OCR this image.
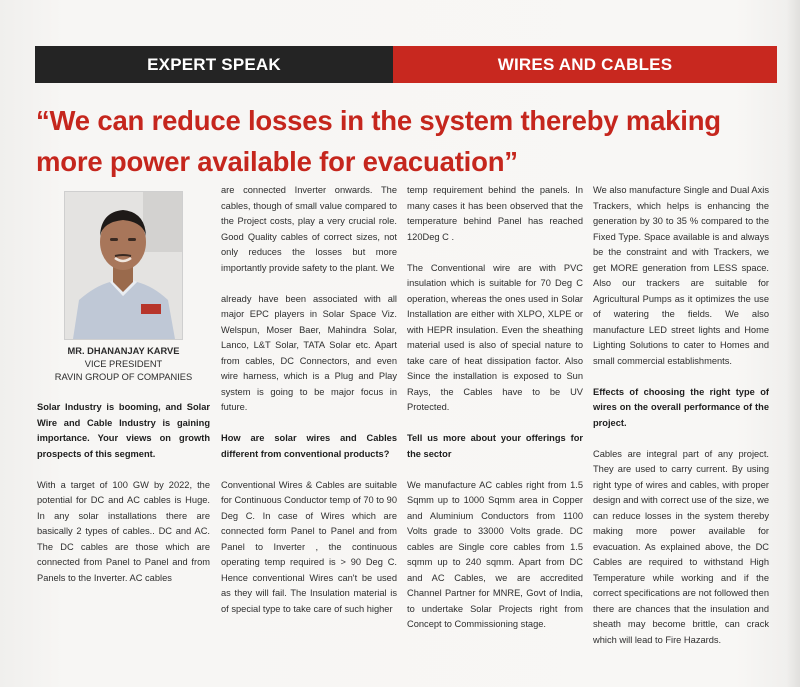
EXPERT SPEAK	WIRES AND CABLES
“We can reduce losses in the system thereby making more power available for evacuation”
MR. DHANANJAY KARVE
VICE PRESIDENT
RAVIN GROUP OF COMPANIES

Solar Industry is booming, and Solar Wire and Cable Industry is gaining importance. Your views on growth prospects of this segment.

With a target of 100 GW by 2022, the potential for DC and AC cables is Huge. In any solar installations there are basically 2 types of cables.. DC and AC. The DC cables are those which are connected from Panel to Panel and from Panels to the Inverter. AC cables

are connected Inverter onwards. The cables, though of small value compared to the Project costs, play a very crucial role. Good Quality cables of correct sizes, not only reduces the losses but more importantly provide safety to the plant. We

already have been associated with all major EPC players in Solar Space Viz. Welspun, Moser Baer, Mahindra Solar, Lanco, L&T Solar, TATA Solar etc. Apart from cables, DC Connectors, and even wire harness, which is a Plug and Play system is going to be major focus in future.

How are solar wires and Cables different from conventional products?

Conventional Wires & Cables are suitable for Continuous Conductor temp of 70 to 90 Deg C. In case of Wires which are connected form Panel to Panel and from Panel to Inverter , the continuous operating temp required is > 90 Deg C. Hence conventional Wires can't be used as they will fail. The Insulation material is of special type to take care of such higher

temp requirement behind the panels. In many cases it has been observed that the temperature behind Panel has reached 120Deg C .

The Conventional wire are with PVC insulation which is suitable for 70 Deg C operation, whereas the ones used in Solar Installation are either with XLPO, XLPE or with HEPR insulation. Even the sheathing material used is also of special nature to take care of heat dissipation factor. Also Since the installation is exposed to Sun Rays, the Cables have to be UV Protected.

Tell us more about your offerings for the sector

We manufacture AC cables right from 1.5 Sqmm up to 1000 Sqmm area in Copper and Aluminium Conductors from 1100 Volts grade to 33000 Volts grade. DC cables are Single core cables from 1.5 sqmm up to 240 sqmm. Apart from DC and AC Cables, we are accredited Channel Partner for MNRE, Govt of India, to undertake Solar Projects right from Concept to Commissioning stage.

We also manufacture Single and Dual Axis Trackers, which helps is enhancing the generation by 30 to 35 % compared to the Fixed Type. Space available is and always be the constraint and with Trackers, we get MORE generation from LESS space. Also our trackers are suitable for Agricultural Pumps as it optimizes the use of watering the fields. We also manufacture LED street lights and Home Lighting Solutions to cater to Homes and small commercial establishments.

Effects of choosing the right type of wires on the overall performance of the project.

Cables are integral part of any project. They are used to carry current. By using right type of wires and cables, with proper design and with correct use of the size, we can reduce losses in the system thereby making more power available for evacuation. As explained above, the DC Cables are required to withstand High Temperature while working and if the correct specifications are not followed then there are chances that the insulation and sheath may become brittle, can crack which will lead to Fire Hazards.
